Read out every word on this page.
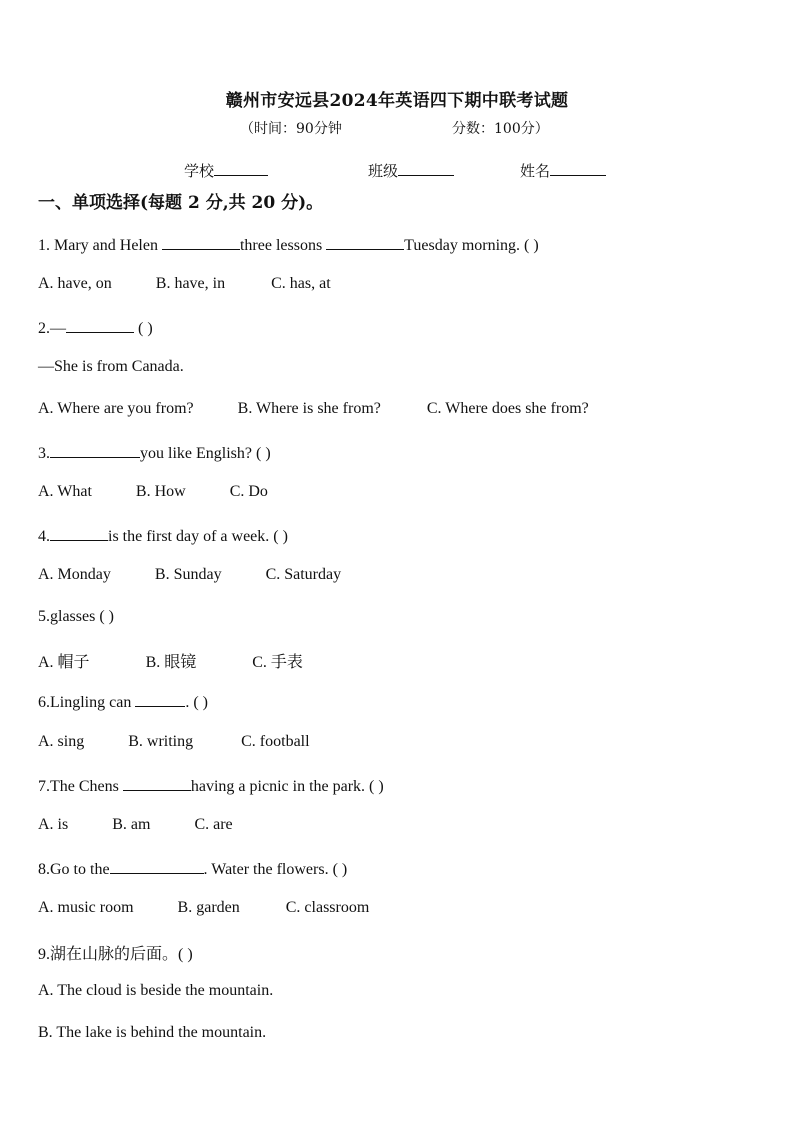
赣州市安远县2024年英语四下期中联考试题
（时间：90分钟	分数：100分）
学校	班级	姓名
一、单项选择(每题 2 分,共 20 分)。
1. Mary and Helen	three lessons	Tuesday morning. ( )
A. have, on	B. have, in	C. has, at
2.—	( )
—She is from Canada.
A. Where are you from?	B. Where is she from?	C. Where does she from?
3.	you like English? ( )
A. What	B. How	C. Do
4.	is the first day of a week. ( )
A. Monday	B. Sunday	C. Saturday
5.glasses ( )
A. 帽子	B. 眼镜	C. 手表
6.Lingling can	. ( )
A. sing	B. writing	C. football
7.The Chens	having a picnic in the park. ( )
A. is	B. am	C. are
8.Go to the	. Water the flowers. ( )
A. music room	B. garden	C. classroom
9.湖在山脉的后面。( )
A. The cloud is beside the mountain.
B. The lake is behind the mountain.
